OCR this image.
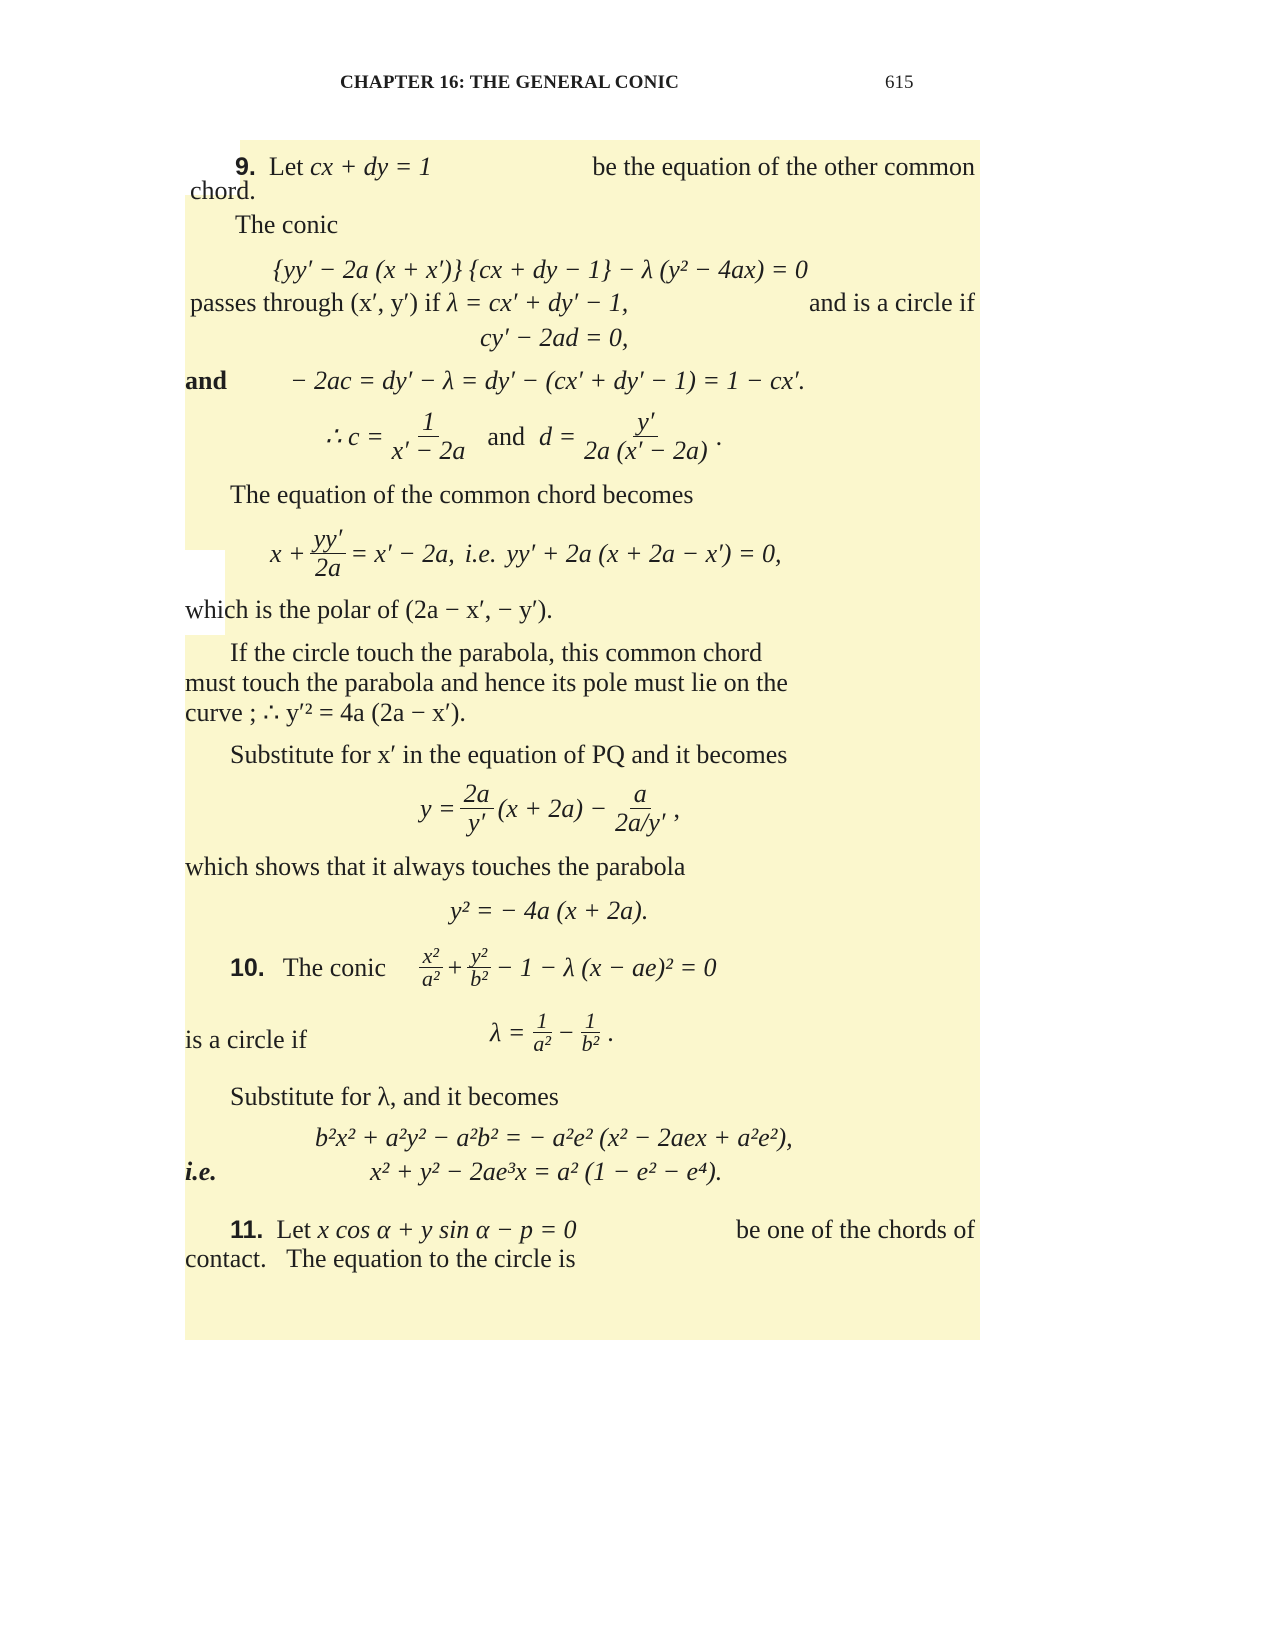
CHAPTER 16: THE GENERAL CONIC	615
9. Let cx + dy = 1	be the equation of the other common
chord.
The conic
{yy′ − 2a (x + x′)} {cx + dy − 1} − λ (y² − 4ax) = 0
passes through (x′, y′) if λ = cx′ + dy′ − 1,	and is a circle if
cy′ − 2ad = 0,
and − 2ac = dy′ − λ = dy′ − (cx′ + dy′ − 1) = 1 − cx′.
∴ $c = \frac{1}{x' - 2a}$ and $d = \frac{y'}{2a (x' - 2a)}$ .
The equation of the common chord becomes
$x + \frac{yy'}{2a} = x' - 2a$, i.e. yy′ + 2a (x + 2a − x′) = 0,
which is the polar of (2a − x′, − y′).
If the circle touch the parabola, this common chord
must touch the parabola and hence its pole must lie on the
curve ; ∴ y′² = 4a (2a − x′).
Substitute for x′ in the equation of PQ and it becomes
$y = \frac{2a}{y'} (x + 2a) - \frac{a}{2a/y'}$ ,
which shows that it always touches the parabola
y² = − 4a (x + 2a).
10. The conic $\frac{\text{x²}}{\text{a²}} + \frac{\text{y²}}{\text{b²}} - 1 - \lambda$ (x − ae)² = 0
is a circle if	$\lambda = \frac{1}{\text{a²}} - \frac{1}{\text{b²}}$ .
Substitute for λ, and it becomes
b²x² + a²y² − a²b² = − a²e² (x² − 2aex + a²e²),
i.e.	x² + y² − 2ae³x = a² (1 − e² − e⁴).
11. Let x cos α + y sin α − p = 0	be one of the chords of
contact. The equation to the circle is
